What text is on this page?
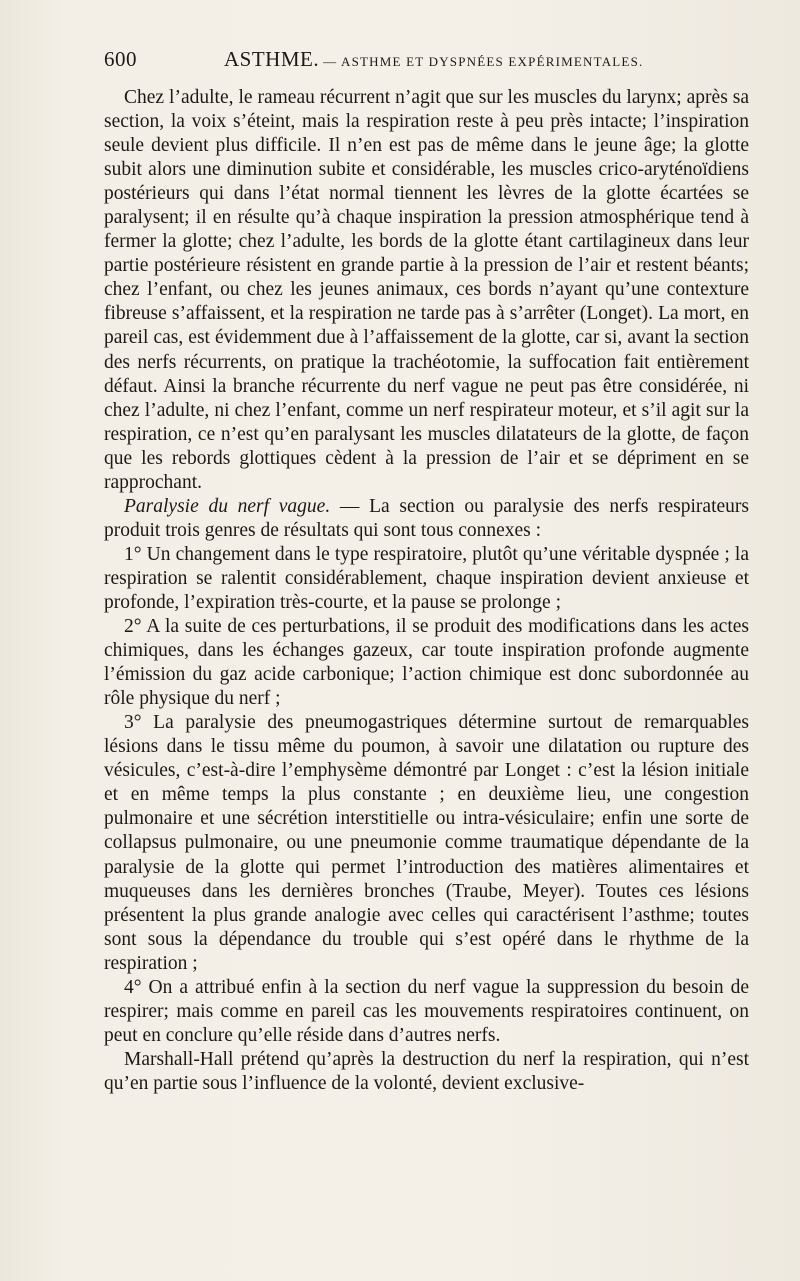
600	ASTHME. — ASTHME ET DYSPNÉES EXPÉRIMENTALES.

Chez l’adulte, le rameau récurrent n’agit que sur les muscles du larynx; après sa section, la voix s’éteint, mais la respiration reste à peu près intacte; l’inspiration seule devient plus difficile. Il n’en est pas de même dans le jeune âge; la glotte subit alors une diminution subite et considérable, les muscles crico-aryténoïdiens postérieurs qui dans l’état normal tiennent les lèvres de la glotte écartées se paralysent; il en résulte qu’à chaque inspiration la pression atmosphérique tend à fermer la glotte; chez l’adulte, les bords de la glotte étant cartilagineux dans leur partie postérieure résistent en grande partie à la pression de l’air et restent béants; chez l’enfant, ou chez les jeunes animaux, ces bords n’ayant qu’une contexture fibreuse s’affaissent, et la respiration ne tarde pas à s’arrêter (Longet). La mort, en pareil cas, est évidemment due à l’affaissement de la glotte, car si, avant la section des nerfs récurrents, on pratique la trachéotomie, la suffocation fait entièrement défaut. Ainsi la branche récurrente du nerf vague ne peut pas être considérée, ni chez l’adulte, ni chez l’enfant, comme un nerf respirateur moteur, et s’il agit sur la respiration, ce n’est qu’en paralysant les muscles dilatateurs de la glotte, de façon que les rebords glottiques cèdent à la pression de l’air et se dépriment en se rapprochant.

Paralysie du nerf vague. — La section ou paralysie des nerfs respirateurs produit trois genres de résultats qui sont tous connexes :

1° Un changement dans le type respiratoire, plutôt qu’une véritable dyspnée ; la respiration se ralentit considérablement, chaque inspiration devient anxieuse et profonde, l’expiration très-courte, et la pause se prolonge ;

2° A la suite de ces perturbations, il se produit des modifications dans les actes chimiques, dans les échanges gazeux, car toute inspiration profonde augmente l’émission du gaz acide carbonique; l’action chimique est donc subordonnée au rôle physique du nerf ;

3° La paralysie des pneumogastriques détermine surtout de remarquables lésions dans le tissu même du poumon, à savoir une dilatation ou rupture des vésicules, c’est-à-dire l’emphysème démontré par Longet : c’est la lésion initiale et en même temps la plus constante ; en deuxième lieu, une congestion pulmonaire et une sécrétion interstitielle ou intra-vésiculaire; enfin une sorte de collapsus pulmonaire, ou une pneumonie comme traumatique dépendante de la paralysie de la glotte qui permet l’introduction des matières alimentaires et muqueuses dans les dernières bronches (Traube, Meyer). Toutes ces lésions présentent la plus grande analogie avec celles qui caractérisent l’asthme; toutes sont sous la dépendance du trouble qui s’est opéré dans le rhythme de la respiration ;

4° On a attribué enfin à la section du nerf vague la suppression du besoin de respirer; mais comme en pareil cas les mouvements respiratoires continuent, on peut en conclure qu’elle réside dans d’autres nerfs.

Marshall-Hall prétend qu’après la destruction du nerf la respiration, qui n’est qu’en partie sous l’influence de la volonté, devient exclusive-
